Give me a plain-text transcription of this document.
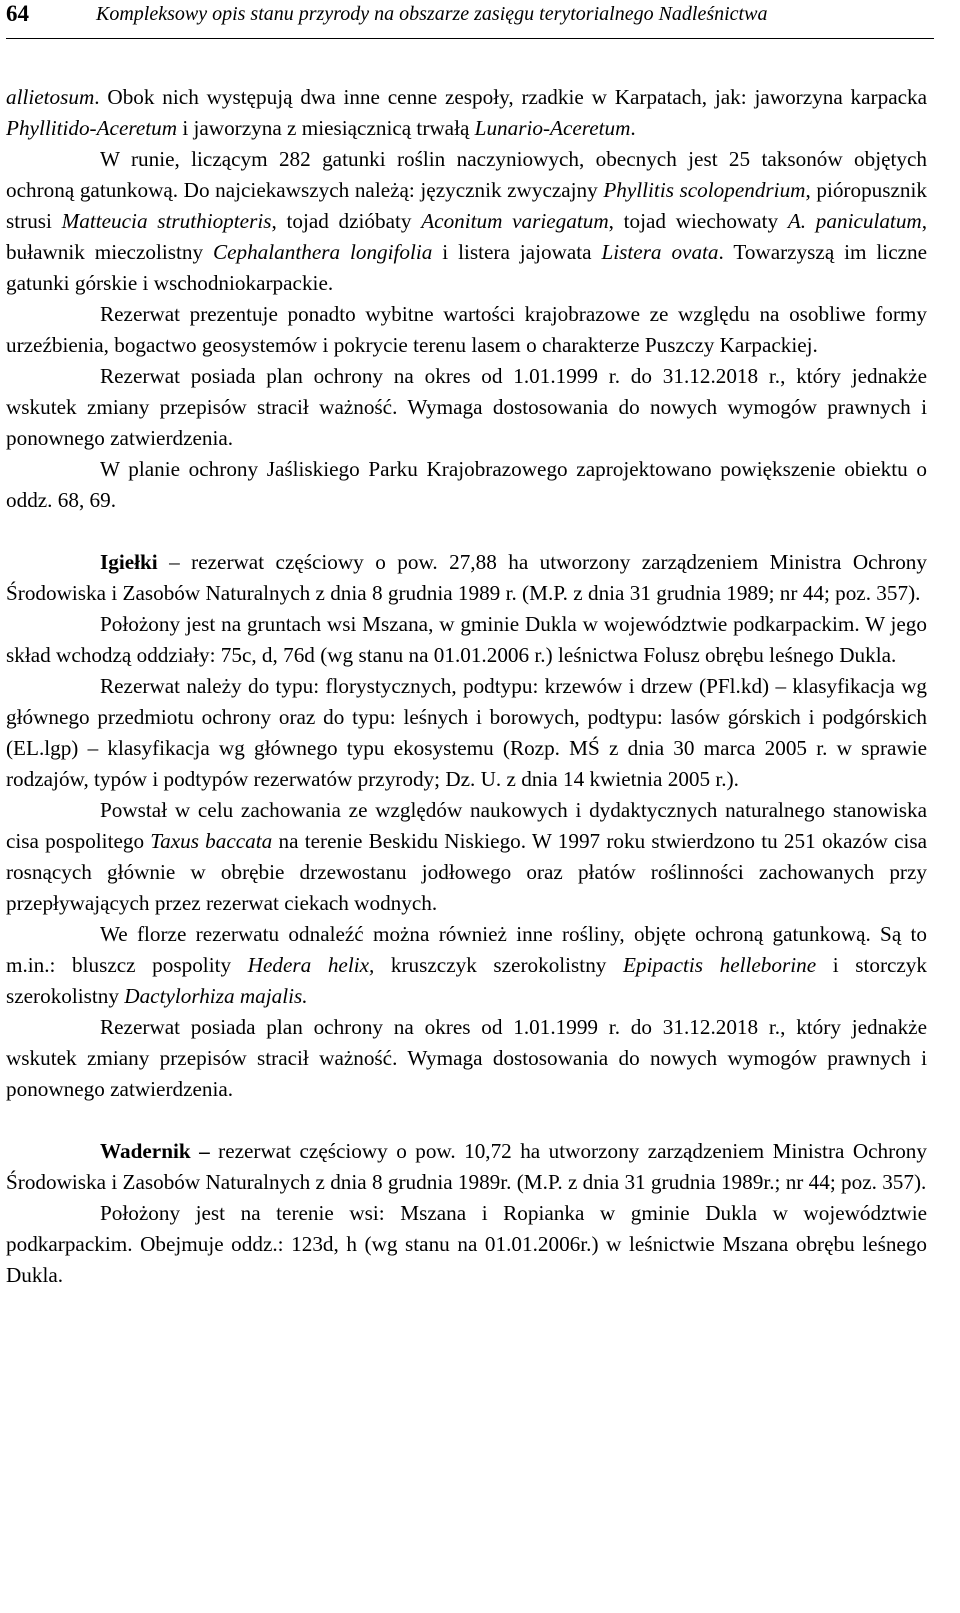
64	Kompleksowy opis stanu przyrody na obszarze zasięgu terytorialnego Nadleśnictwa

allietosum. Obok nich występują dwa inne cenne zespoły, rzadkie w Karpatach, jak: jaworzyna karpacka Phyllitido-Aceretum i jaworzyna z miesiącznicą trwałą Lunario-Aceretum.

W runie, liczącym 282 gatunki roślin naczyniowych, obecnych jest 25 taksonów objętych ochroną gatunkową. Do najciekawszych należą: języcznik zwyczajny Phyllitis scolopendrium, pióropusznik strusi Matteucia struthiopteris, tojad dzióbaty Aconitum variegatum, tojad wiechowaty A. paniculatum, buławnik mieczolistny Cephalanthera longifolia i listera jajowata Listera ovata. Towarzyszą im liczne gatunki górskie i wschodniokarpackie.

Rezerwat prezentuje ponadto wybitne wartości krajobrazowe ze względu na osobliwe formy urzeźbienia, bogactwo geosystemów i pokrycie terenu lasem o charakterze Puszczy Karpackiej.

Rezerwat posiada plan ochrony na okres od 1.01.1999 r. do 31.12.2018 r., który jednakże wskutek zmiany przepisów stracił ważność. Wymaga dostosowania do nowych wymogów prawnych i ponownego zatwierdzenia.

W planie ochrony Jaśliskiego Parku Krajobrazowego zaprojektowano powiększenie obiektu o oddz. 68, 69.

Igiełki – rezerwat częściowy o pow. 27,88 ha utworzony zarządzeniem Ministra Ochrony Środowiska i Zasobów Naturalnych z dnia 8 grudnia 1989 r. (M.P. z dnia 31 grudnia 1989; nr 44; poz. 357).

Położony jest na gruntach wsi Mszana, w gminie Dukla w województwie podkarpackim. W jego skład wchodzą oddziały: 75c, d, 76d (wg stanu na 01.01.2006 r.) leśnictwa Folusz obrębu leśnego Dukla.

Rezerwat należy do typu: florystycznych, podtypu: krzewów i drzew (PFl.kd) – klasyfikacja wg głównego przedmiotu ochrony oraz do typu: leśnych i borowych, podtypu: lasów górskich i podgórskich (EL.lgp) – klasyfikacja wg głównego typu ekosystemu (Rozp. MŚ z dnia 30 marca 2005 r. w sprawie rodzajów, typów i podtypów rezerwatów przyrody; Dz. U. z dnia 14 kwietnia 2005 r.).

Powstał w celu zachowania ze względów naukowych i dydaktycznych naturalnego stanowiska cisa pospolitego Taxus baccata na terenie Beskidu Niskiego. W 1997 roku stwierdzono tu 251 okazów cisa rosnących głównie w obrębie drzewostanu jodłowego oraz płatów roślinności zachowanych przy przepływających przez rezerwat ciekach wodnych.

We florze rezerwatu odnaleźć można również inne rośliny, objęte ochroną gatunkową. Są to m.in.: bluszcz pospolity Hedera helix, kruszczyk szerokolistny Epipactis helleborine i storczyk szerokolistny Dactylorhiza majalis.

Rezerwat posiada plan ochrony na okres od 1.01.1999 r. do 31.12.2018 r., który jednakże wskutek zmiany przepisów stracił ważność. Wymaga dostosowania do nowych wymogów prawnych i ponownego zatwierdzenia.

Wadernik – rezerwat częściowy o pow. 10,72 ha utworzony zarządzeniem Ministra Ochrony Środowiska i Zasobów Naturalnych z dnia 8 grudnia 1989r. (M.P. z dnia 31 grudnia 1989r.; nr 44; poz. 357).

Położony jest na terenie wsi: Mszana i Ropianka w gminie Dukla w województwie podkarpackim. Obejmuje oddz.: 123d, h (wg stanu na 01.01.2006r.) w leśnictwie Mszana obrębu leśnego Dukla.
